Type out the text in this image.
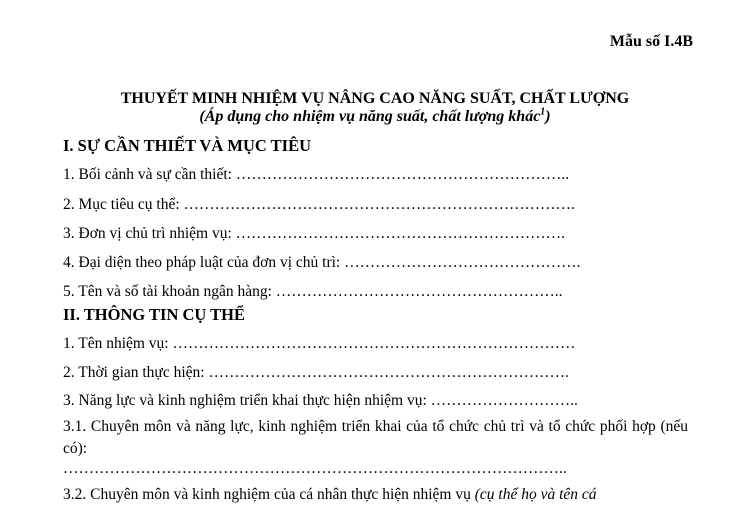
Mẫu số I.4B
THUYẾT MINH NHIỆM VỤ NÂNG CAO NĂNG SUẤT, CHẤT LƯỢNG
(Áp dụng cho nhiệm vụ năng suất, chất lượng khác$^1$)
I. SỰ CẦN THIẾT VÀ MỤC TIÊU
1. Bối cảnh và sự cần thiết: ………………………………………………………..
2. Mục tiêu cụ thể: ………………………………………………………………….
3. Đơn vị chủ trì nhiệm vụ: ……………………………………………………….
4. Đại diện theo pháp luật của đơn vị chủ trì: ……………………………………….
5. Tên và số tài khoản ngân hàng: ………………………………………………..
II. THÔNG TIN CỤ THỂ
1. Tên nhiệm vụ: ……………………………………………………………………
2. Thời gian thực hiện: …………………………………………………………….
3. Năng lực và kinh nghiệm triển khai thực hiện nhiệm vụ: ………………………..
3.1. Chuyên môn và năng lực, kinh nghiệm triển khai của tổ chức chủ trì và tổ chức phối hợp (nếu có):
……………………………………………………………………………………..
3.2. Chuyên môn và kinh nghiệm của cá nhân thực hiện nhiệm vụ (cụ thể họ và tên cá
